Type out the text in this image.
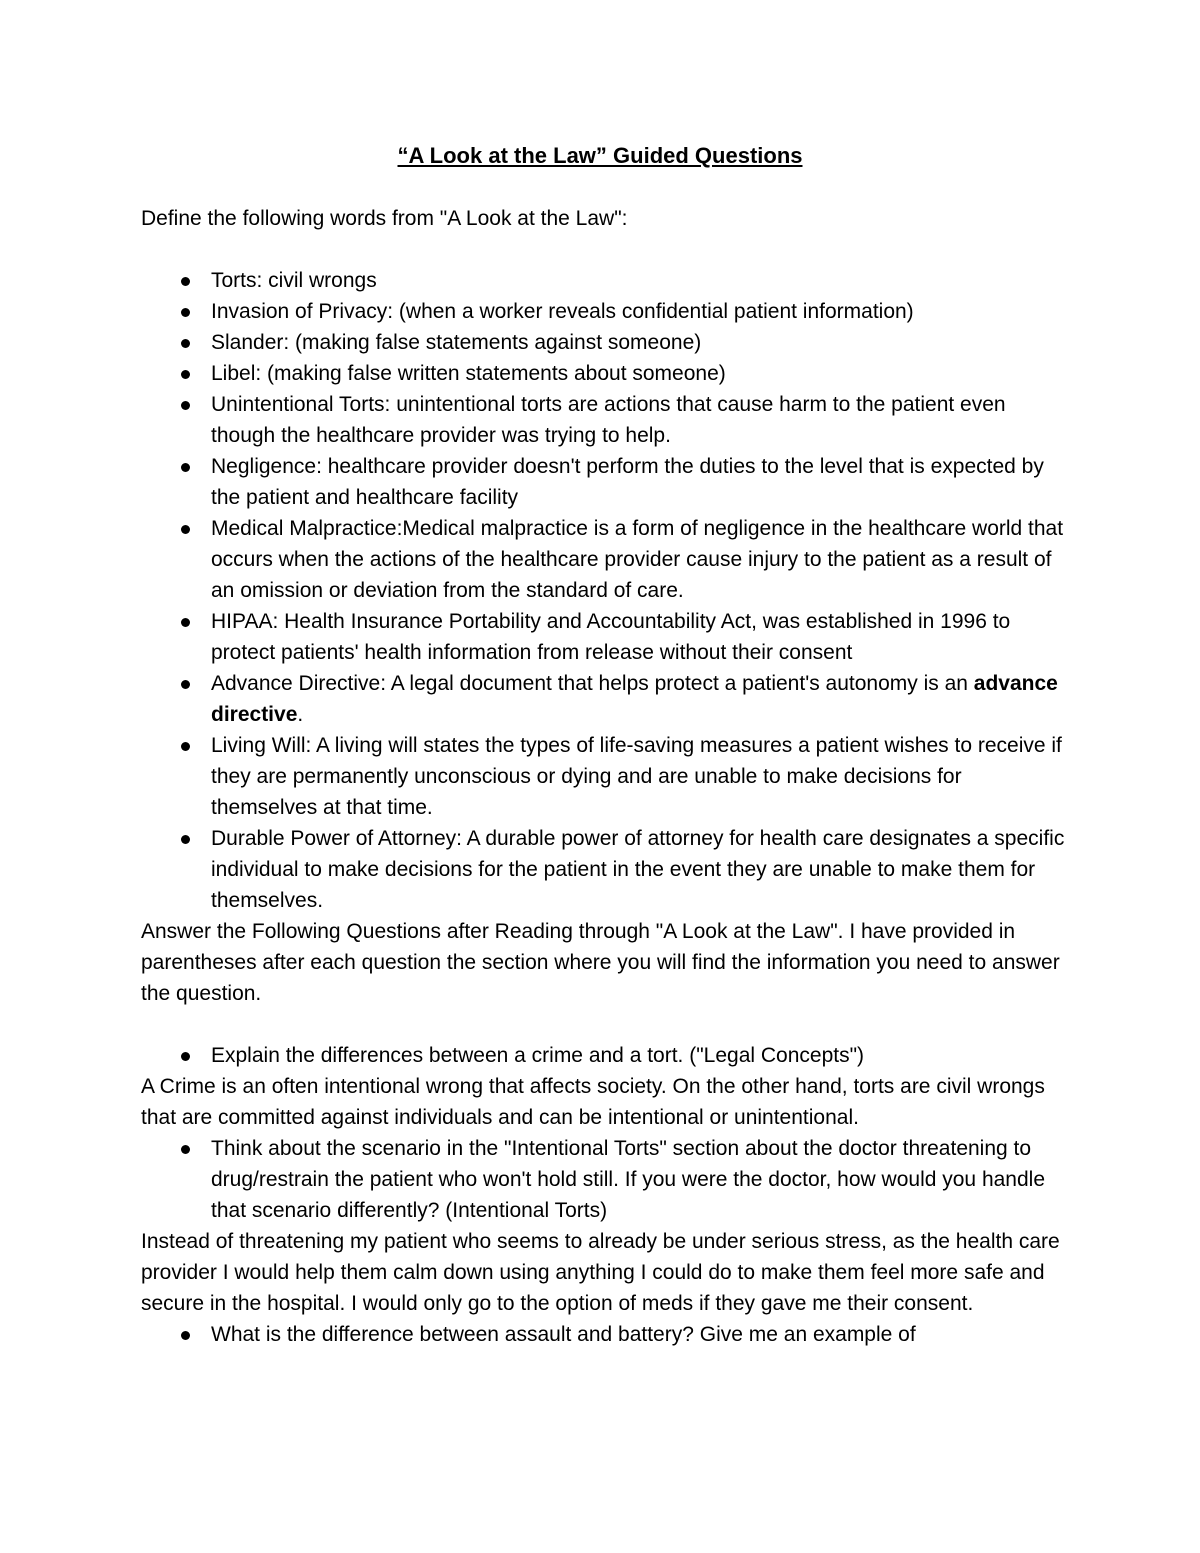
“A Look at the Law” Guided Questions

Define the following words from "A Look at the Law":

Torts: civil wrongs
Invasion of Privacy: (when a worker reveals confidential patient information)
Slander: (making false statements against someone)
Libel: (making false written statements about someone)
Unintentional Torts: unintentional torts are actions that cause harm to the patient even though the healthcare provider was trying to help.
Negligence: healthcare provider doesn't perform the duties to the level that is expected by the patient and healthcare facility
Medical Malpractice:Medical malpractice is a form of negligence in the healthcare world that occurs when the actions of the healthcare provider cause injury to the patient as a result of an omission or deviation from the standard of care.
HIPAA: Health Insurance Portability and Accountability Act, was established in 1996 to protect patients' health information from release without their consent
Advance Directive: A legal document that helps protect a patient's autonomy is an advance directive.
Living Will: A living will states the types of life-saving measures a patient wishes to receive if they are permanently unconscious or dying and are unable to make decisions for themselves at that time.
Durable Power of Attorney: A durable power of attorney for health care designates a specific individual to make decisions for the patient in the event they are unable to make them for themselves.

Answer the Following Questions after Reading through "A Look at the Law". I have provided in parentheses after each question the section where you will find the information you need to answer the question.

Explain the differences between a crime and a tort. ("Legal Concepts")

A Crime is an often intentional wrong that affects society. On the other hand, torts are civil wrongs that are committed against individuals and can be intentional or unintentional.

Think about the scenario in the "Intentional Torts" section about the doctor threatening to drug/restrain the patient who won't hold still. If you were the doctor, how would you handle that scenario differently? (Intentional Torts)

Instead of threatening my patient who seems to already be under serious stress, as the health care provider I would help them calm down using anything I could do to make them feel more safe and secure in the hospital. I would only go to the option of meds if they gave me their consent.

What is the difference between assault and battery? Give me an example of
